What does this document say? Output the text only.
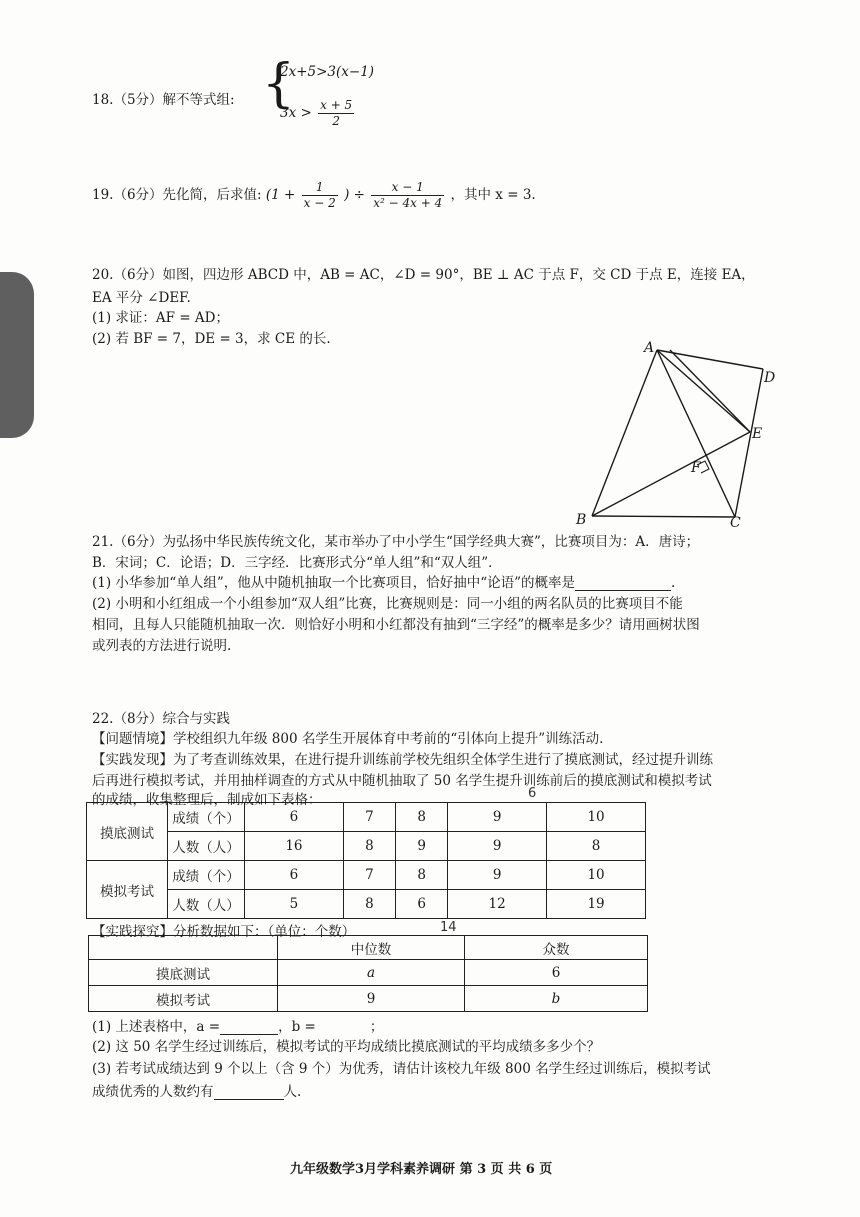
18.（5分）解不等式组: {
2x+5>3(x−1)
$3x > \frac{x + 5}{2}$
19.（6分）先化简，后求值: ($1 + \frac{1}{x - 2}$ ) ÷ $\frac{x - 1}{\text{x² − 4x + 4}}$ ，其中 x = 3.
20.（6分）如图，四边形 ABCD 中，AB = AC，∠D = 90°，BE ⊥ AC 于点 F，交 CD 于点 E，连接 EA，
EA 平分 ∠DEF.
(1) 求证：AF = AD；
(2) 若 BF = 7，DE = 3，求 CE 的长.
A
B	C
D
E
F
21.（6分）为弘扬中华民族传统文化，某市举办了中小学生“国学经典大赛”，比赛项目为：A．唐诗；
B．宋词；C．论语；D．三字经．比赛形式分“单人组”和“双人组”．
(1) 小华参加“单人组”，他从中随机抽取一个比赛项目，恰好抽中“论语”的概率是	.
(2) 小明和小红组成一个小组参加“双人组”比赛，比赛规则是：同一小组的两名队员的比赛项目不能
相同，且每人只能随机抽取一次．则恰好小明和小红都没有抽到“三字经”的概率是多少？请用画树状图
或列表的方法进行说明.
22.（8分）综合与实践
【问题情境】学校组织九年级 800 名学生开展体育中考前的“引体向上提升”训练活动.
【实践发现】为了考查训练效果，在进行提升训练前学校先组织全体学生进行了摸底测试，经过提升训练
后再进行模拟考试，并用抽样调查的方式从中随机抽取了 50 名学生提升训练前后的摸底测试和模拟考试
的成绩，收集整理后，制成如下表格：	6
摸底测试	成绩（个）	6	7	8	9	10
	人数（人）	16	8	9	9	8
模拟考试	成绩（个）	6	7	8	9	10
	人数（人）	5	8	6	12	19
【实践探究】分析数据如下：（单位：个数）	14
	中位数	众数
摸底测试	a	6
模拟考试	9	b
(1) 上述表格中，a =	，b =	；
(2) 这 50 名学生经过训练后，模拟考试的平均成绩比摸底测试的平均成绩多多少个？
(3) 若考试成绩达到 9 个以上（含 9 个）为优秀，请估计该校九年级 800 名学生经过训练后，模拟考试
成绩优秀的人数约有	人.
九年级数学3月学科素养调研 第 3 页 共 6 页
